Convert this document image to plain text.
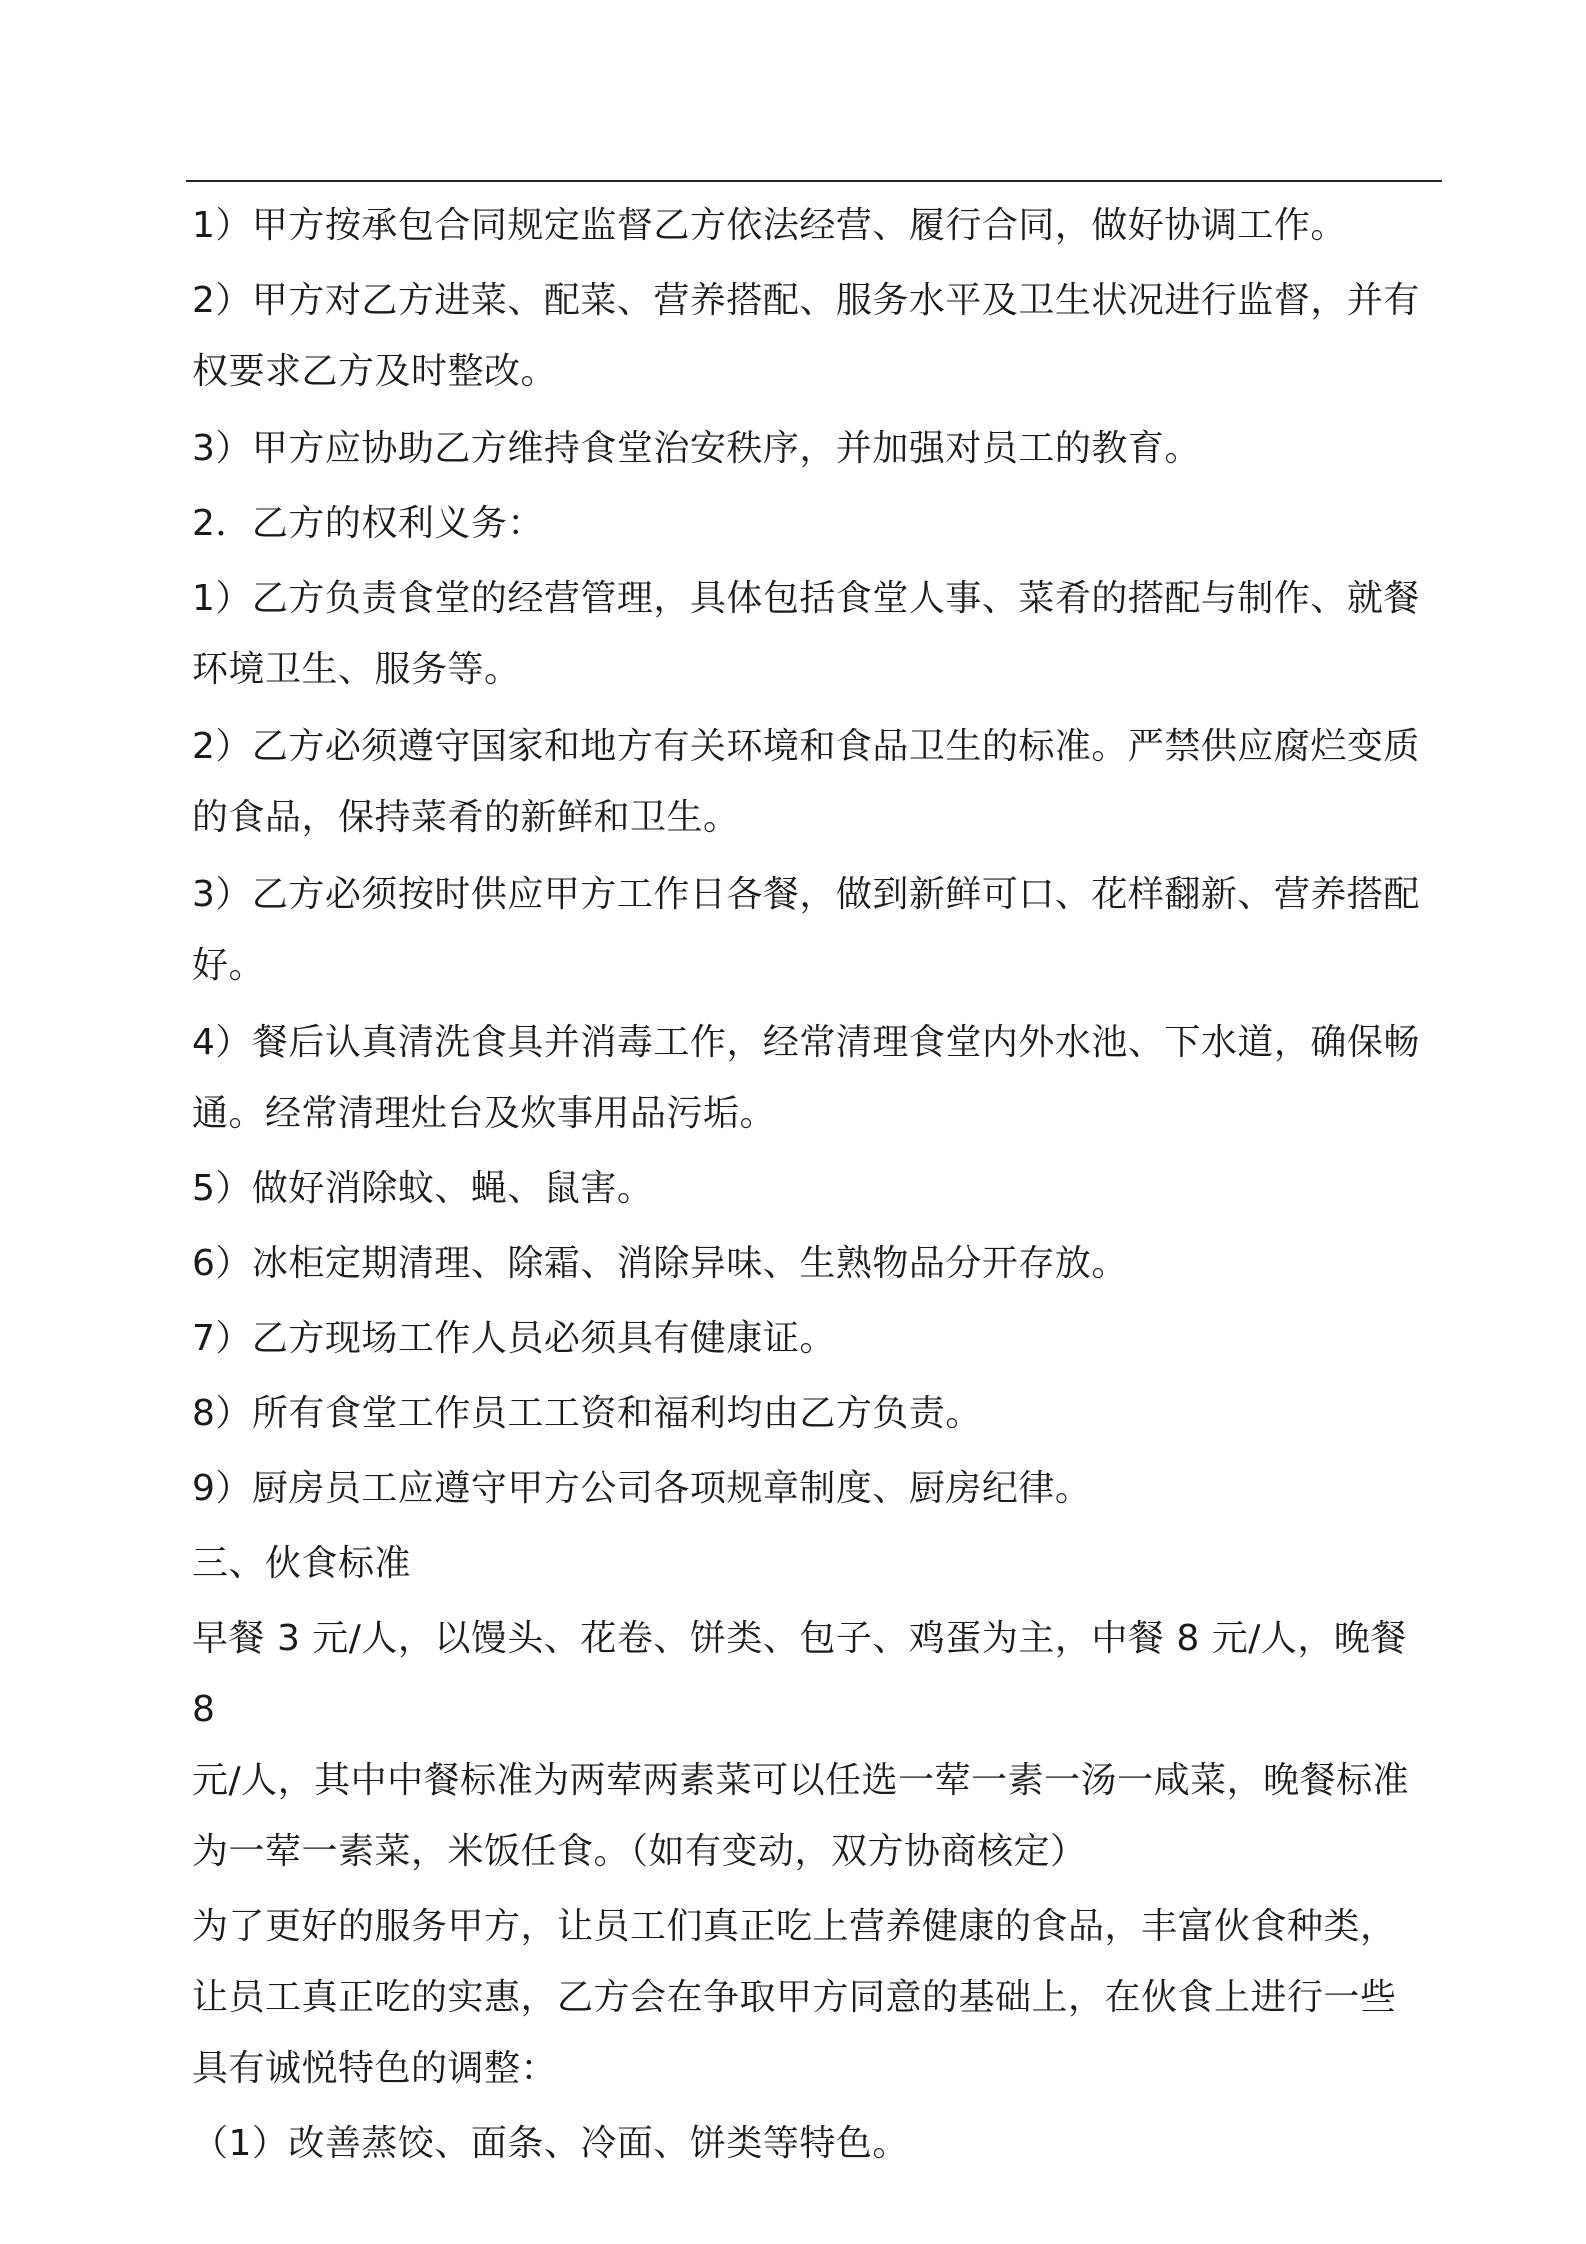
1）甲方按承包合同规定监督乙方依法经营、履行合同，做好协调工作。

2）甲方对乙方进菜、配菜、营养搭配、服务水平及卫生状况进行监督，并有
权要求乙方及时整改。

3）甲方应协助乙方维持食堂治安秩序，并加强对员工的教育。

2．乙方的权利义务：

1）乙方负责食堂的经营管理，具体包括食堂人事、菜肴的搭配与制作、就餐
环境卫生、服务等。

2）乙方必须遵守国家和地方有关环境和食品卫生的标准。严禁供应腐烂变质
的食品，保持菜肴的新鲜和卫生。

3）乙方必须按时供应甲方工作日各餐，做到新鲜可口、花样翻新、营养搭配
好。

4）餐后认真清洗食具并消毒工作，经常清理食堂内外水池、下水道，确保畅
通。经常清理灶台及炊事用品污垢。

5）做好消除蚊、蝇、鼠害。

6）冰柜定期清理、除霜、消除异味、生熟物品分开存放。

7）乙方现场工作人员必须具有健康证。

8）所有食堂工作员工工资和福利均由乙方负责。

9）厨房员工应遵守甲方公司各项规章制度、厨房纪律。

三、伙食标准

早餐 3 元/人，以馒头、花卷、饼类、包子、鸡蛋为主，中餐 8 元/人，晚餐 8
元/人，其中中餐标准为两荤两素菜可以任选一荤一素一汤一咸菜，晚餐标准
为一荤一素菜，米饭任食。（如有变动，双方协商核定）

为了更好的服务甲方，让员工们真正吃上营养健康的食品，丰富伙食种类，
让员工真正吃的实惠，乙方会在争取甲方同意的基础上，在伙食上进行一些
具有诚悦特色的调整：

（1）改善蒸饺、面条、冷面、饼类等特色。
